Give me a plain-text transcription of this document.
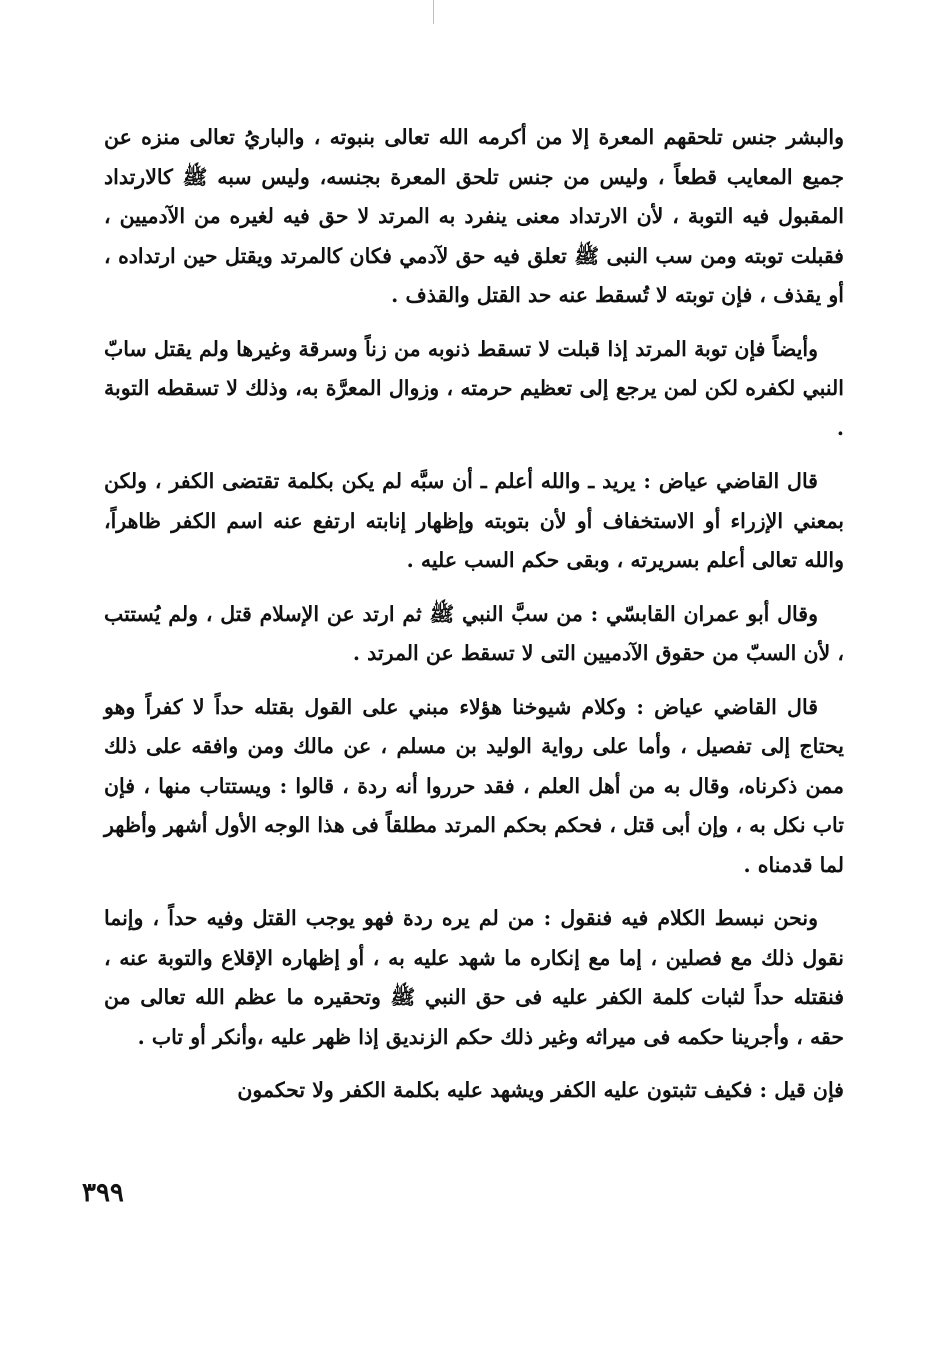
والبشر جنس تلحقهم المعرة إلا من أكرمه الله تعالى بنبوته ، والباريُ تعالى منزه عن جميع المعايب قطعاً ، وليس من جنس تلحق المعرة بجنسه، وليس سبه ﷺ كالارتداد المقبول فيه التوبة ، لأن الارتداد معنى ينفرد به المرتد لا حق فيه لغيره من الآدميين ، فقبلت توبته ومن سب النبى ﷺ تعلق فيه حق لآدمي فكان كالمرتد ويقتل حين ارتداده ، أو يقذف ، فإن توبته لا تُسقط عنه حد القتل والقذف .

وأيضاً فإن توبة المرتد إذا قبلت لا تسقط ذنوبه من زناً وسرقة وغيرها ولم يقتل سابّ النبي لكفره لكن لمن يرجع إلى تعظيم حرمته ، وزوال المعرَّة به، وذلك لا تسقطه التوبة .

قال القاضي عياض : يريد ـ والله أعلم ـ أن سبَّه لم يكن بكلمة تقتضى الكفر ، ولكن بمعني الإزراء أو الاستخفاف أو لأن بتوبته وإظهار إنابته ارتفع عنه اسم الكفر ظاهراً، والله تعالى أعلم بسريرته ، وبقى حكم السب عليه .

وقال أبو عمران القابسّي : من سبَّ النبي ﷺ ثم ارتد عن الإسلام قتل ، ولم يُستتب ، لأن السبّ من حقوق الآدميين التى لا تسقط عن المرتد .

قال القاضي عياض : وكلام شيوخنا هؤلاء مبني على القول بقتله حداً لا كفراً وهو يحتاج إلى تفصيل ، وأما على رواية الوليد بن مسلم ، عن مالك ومن وافقه على ذلك ممن ذكرناه، وقال به من أهل العلم ، فقد حرروا أنه ردة ، قالوا : ويستتاب منها ، فإن تاب نكل به ، وإن أبى قتل ، فحكم بحكم المرتد مطلقاً فى هذا الوجه الأول أشهر وأظهر لما قدمناه .

ونحن نبسط الكلام فيه فنقول : من لم يره ردة فهو يوجب القتل وفيه حداً ، وإنما نقول ذلك مع فصلين ، إما مع إنكاره ما شهد عليه به ، أو إظهاره الإقلاع والتوبة عنه ، فنقتله حداً لثبات كلمة الكفر عليه فى حق النبي ﷺ وتحقيره ما عظم الله تعالى من حقه ، وأجرينا حكمه فى ميراثه وغير ذلك حكم الزنديق إذا ظهر عليه ،وأنكر أو تاب .

فإن قيل : فكيف تثبتون عليه الكفر ويشهد عليه بكلمة الكفر ولا تحكمون

٣٩٩
